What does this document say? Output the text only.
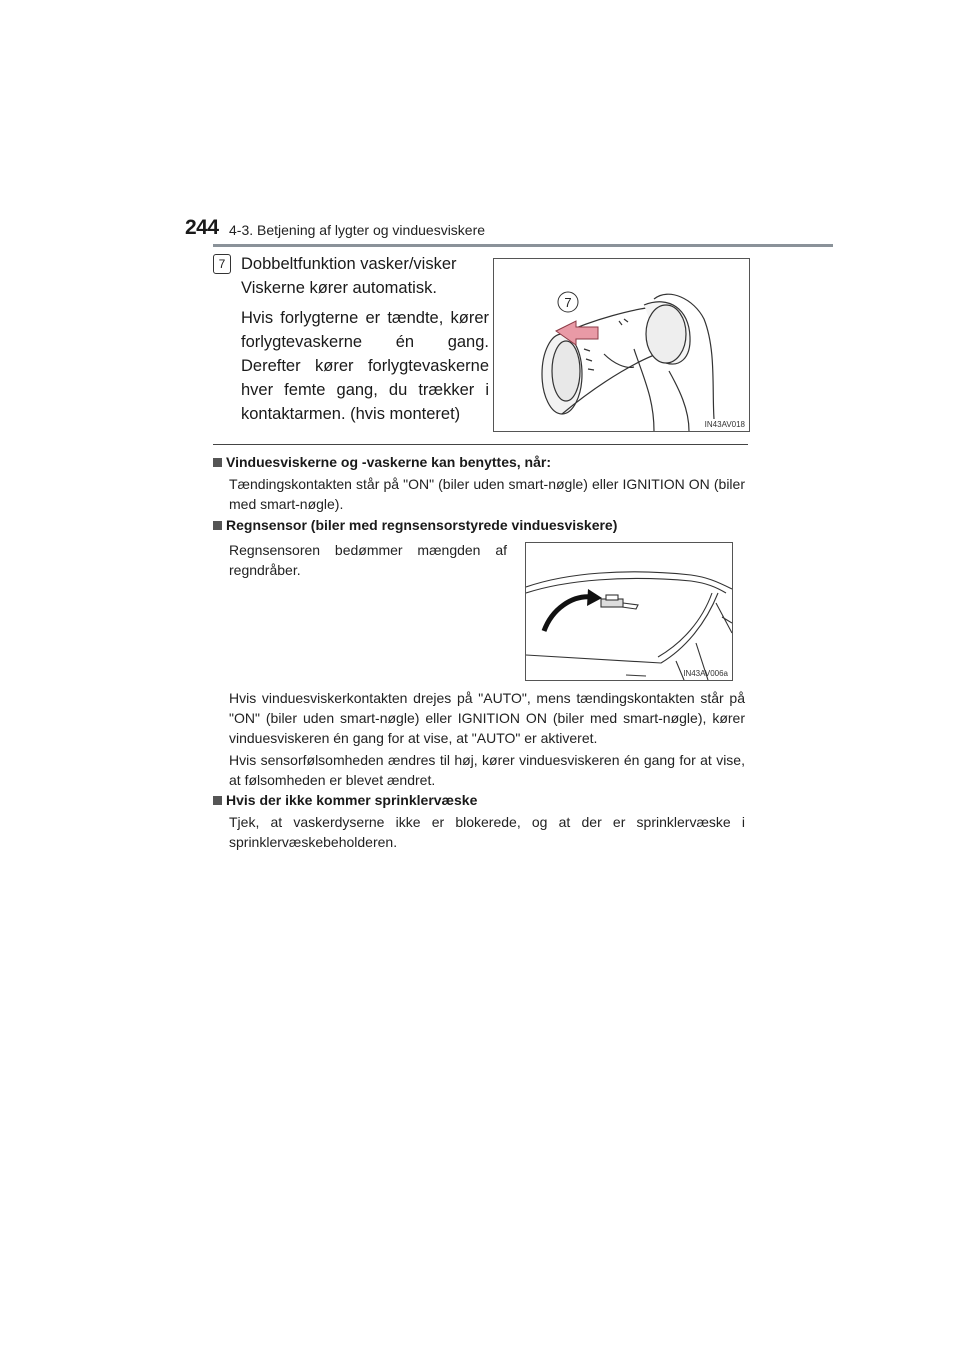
244 4-3. Betjening af lygter og vinduesviskere
7 Dobbeltfunktion vasker/visker
Viskerne kører automatisk.
Hvis forlygterne er tændte, kører forlygtevaskerne én gang. Derefter kører forlygtevaskerne hver femte gang, du trækker i kontaktarmen. (hvis monteret)
7
IN43AV018
Vinduesviskerne og -vaskerne kan benyttes, når:
Tændingskontakten står på "ON" (biler uden smart-nøgle) eller IGNITION ON (biler med smart-nøgle).
Regnsensor (biler med regnsensorstyrede vinduesviskere)
Regnsensoren bedømmer mængden af regndråber.
IN43AV006a
Hvis vinduesviskerkontakten drejes på "AUTO", mens tændingskontakten står på "ON" (biler uden smart-nøgle) eller IGNITION ON (biler med smart-nøgle), kører vinduesviskeren én gang for at vise, at "AUTO" er aktiveret.
Hvis sensorfølsomheden ændres til høj, kører vinduesviskeren én gang for at vise, at følsomheden er blevet ændret.
Hvis der ikke kommer sprinklervæske
Tjek, at vaskerdyserne ikke er blokerede, og at der er sprinklervæske i sprinklervæskebeholderen.
